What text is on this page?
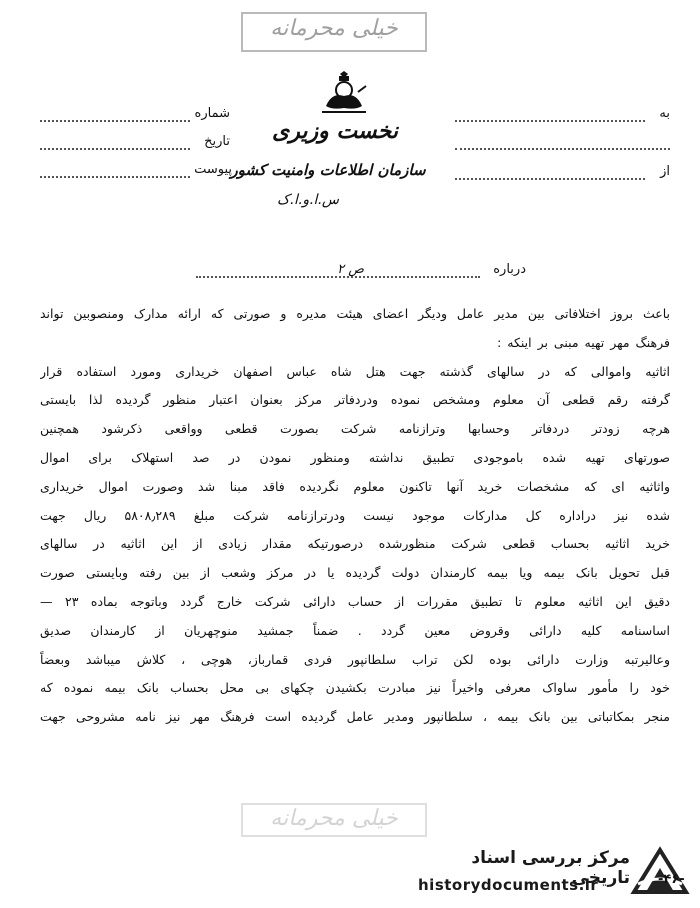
خیلی محرمانه
نخست وزیری
سازمان اطلاعات وامنیت کشور
س.ا.و.ا.ک
شماره
تاریخ
پیوست
به
از
درباره
ص ۲
باعث بروز اختلافاتی بین مدیر عامل ودیگر اعضای هیئت مدیره و صورتی که ارائه مدارک ومنصوبین تواند
فرهنگ مهر تهیه مبنی بر اینکه :
اثاثیه واموالی که در سالهای گذشته جهت هتل شاه عباس اصفهان خریداری ومورد استفاده قرار
گرفته رقم قطعی آن معلوم ومشخص نموده ودردفاتر مرکز بعنوان اعتبار منظور گردیده لذا بایستی
هرچه زودتر دردفاتر وحسابها وترازنامه شرکت بصورت قطعی وواقعی ذکرشود همچنین
صورتهای تهیه شده باموجودی تطبیق نداشته ومنظور نمودن در صد استهلاک برای اموال
واثاثیه ای که مشخصات خرید آنها تاکنون معلوم نگردیده فاقد مبنا شد وصورت اموال خریداری
شده نیز دراداره کل مدارکات موجود نیست ودرترازنامه شرکت مبلغ ۵۸۰۸٫۲۸۹ ریال جهت
خرید اثاثیه بحساب قطعی شرکت منظورشده درصورتیکه مقدار زیادی از این اثاثیه در سالهای
قبل تحویل بانک بیمه ویا بیمه کارمندان دولت گردیده یا در مرکز وشعب از بین رفته وبایستی صورت
دقیق این اثاثیه معلوم تا تطبیق مقررات از حساب دارائی شرکت خارج گردد وباتوجه بماده ۲۳ —
اساسنامه کلیه دارائی وقروض معین گردد . ضمناً جمشید منوچهریان از کارمندان صدیق
وعالیرتبه وزارت دارائی بوده لکن تراب سلطانپور فردی قمارباز، هوچی ، کلاش میباشد وبعضاً
خود را مأمور ساواک معرفی واخیراً نیز مبادرت بکشیدن چکهای بی محل بحساب بانک بیمه نموده که
منجر بمکاتباتی بین بانک بیمه ، سلطانپور ومدیر عامل گردیده است فرهنگ مهر نیز نامه مشروحی جهت
خیلی محرمانه
مرکز بررسی اسناد تاریخی
historydocuments.ir	-۴۶-
